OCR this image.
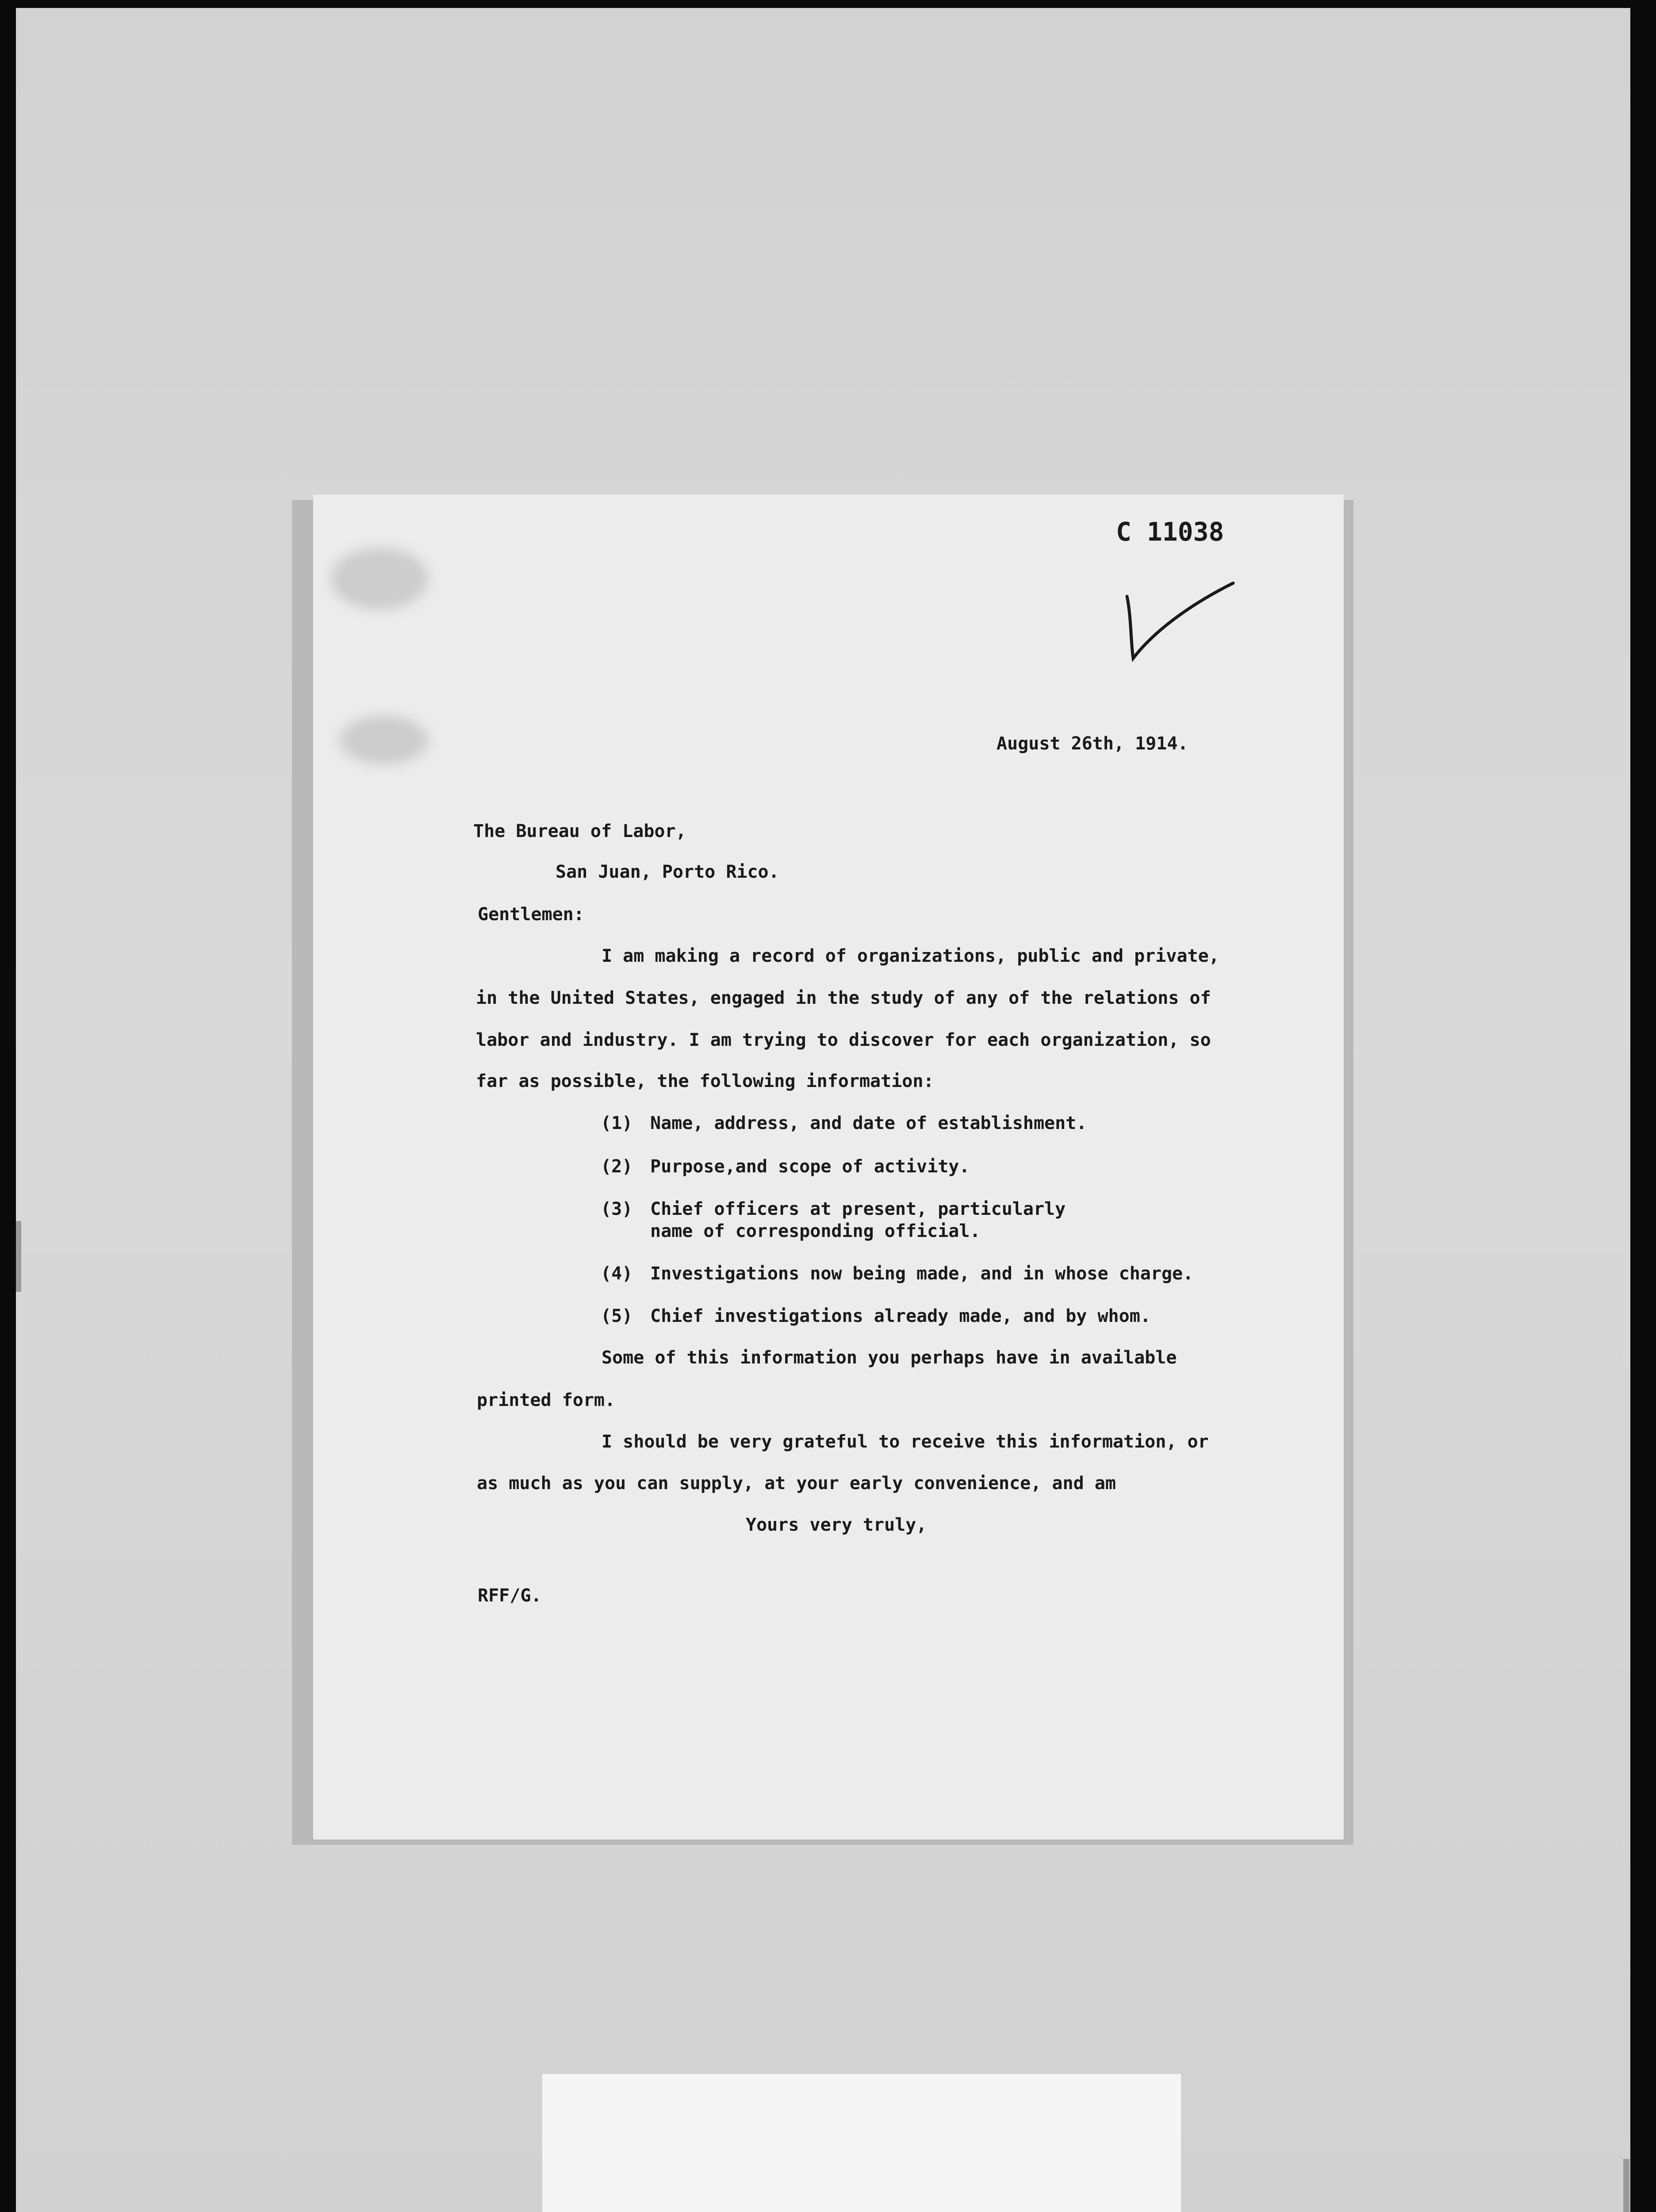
C 11038

August 26th, 1914.

The Bureau of Labor,

San Juan, Porto Rico.

Gentlemen:

I am making a record of organizations, public and private,

in the United States, engaged in the study of any of the relations of

labor and industry. I am trying to discover for each organization, so

far as possible, the following information:

(1) Name, address, and date of establishment.

(2) Purpose,and scope of activity.

(3) Chief officers at present, particularly

name of corresponding official.

(4) Investigations now being made, and in whose charge.

(5) Chief investigations already made, and by whom.

Some of this information you perhaps have in available

printed form.

I should be very grateful to receive this information, or

as much as you can supply, at your early convenience, and am

Yours very truly,

RFF/G.
